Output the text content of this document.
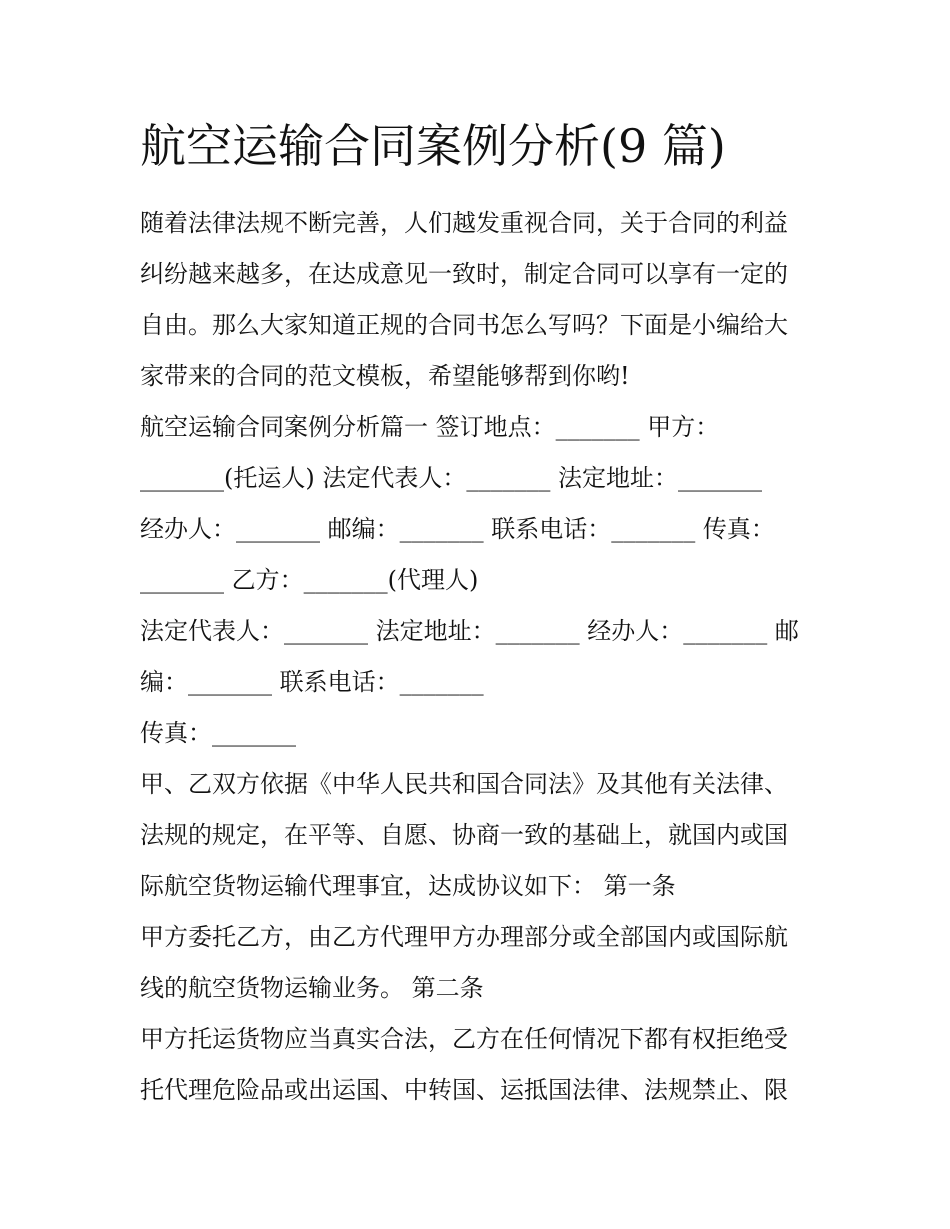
航空运输合同案例分析(9 篇)

随着法律法规不断完善，人们越发重视合同，关于合同的利益

纠纷越来越多，在达成意见一致时，制定合同可以享有一定的

自由。那么大家知道正规的合同书怎么写吗？下面是小编给大

家带来的合同的范文模板，希望能够帮到你哟!

航空运输合同案例分析篇一 签订地点：_______ 甲方：

_______(托运人) 法定代表人：_______ 法定地址：_______

经办人：_______ 邮编：_______ 联系电话：_______ 传真：

_______ 乙方：_______(代理人)

法定代表人：_______ 法定地址：_______ 经办人：_______ 邮

编：_______ 联系电话：_______

传真：_______

甲、乙双方依据《中华人民共和国合同法》及其他有关法律、

法规的规定，在平等、自愿、协商一致的基础上，就国内或国

际航空货物运输代理事宜，达成协议如下： 第一条

甲方委托乙方，由乙方代理甲方办理部分或全部国内或国际航

线的航空货物运输业务。 第二条

甲方托运货物应当真实合法，乙方在任何情况下都有权拒绝受

托代理危险品或出运国、中转国、运抵国法律、法规禁止、限
